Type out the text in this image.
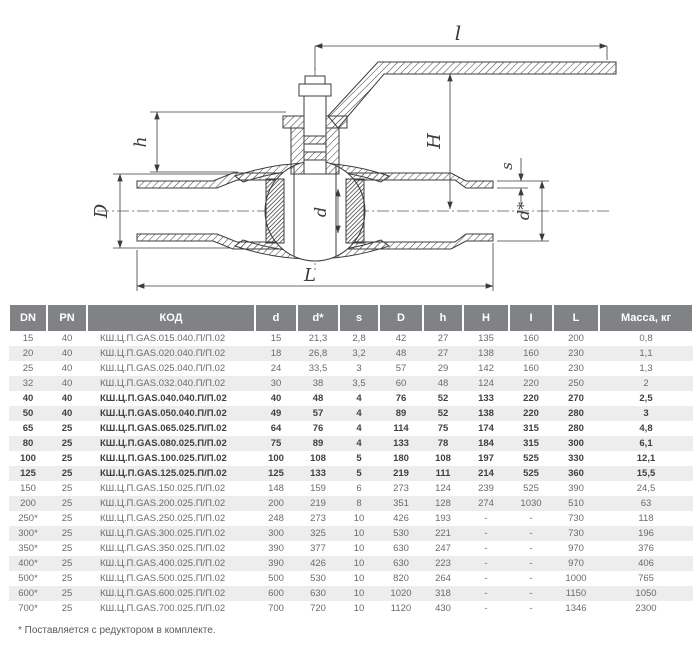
l
H
h
D	d	d*
s
L
DN	PN	КОД	d	d*	s	D	h	H	I	L	Масса, кг
15	40	КШ.Ц.П.GAS.015.040.П/П.02	15	21,3	2,8	42	27	135	160	200	0,8
20	40	КШ.Ц.П.GAS.020.040.П/П.02	18	26,8	3,2	48	27	138	160	230	1,1
25	40	КШ.Ц.П.GAS.025.040.П/П.02	24	33,5	3	57	29	142	160	230	1,3
32	40	КШ.Ц.П.GAS.032.040.П/П.02	30	38	3,5	60	48	124	220	250	2
40	40	КШ.Ц.П.GAS.040.040.П/П.02	40	48	4	76	52	133	220	270	2,5
50	40	КШ.Ц.П.GAS.050.040.П/П.02	49	57	4	89	52	138	220	280	3
65	25	КШ.Ц.П.GAS.065.025.П/П.02	64	76	4	114	75	174	315	280	4,8
80	25	КШ.Ц.П.GAS.080.025.П/П.02	75	89	4	133	78	184	315	300	6,1
100	25	КШ.Ц.П.GAS.100.025.П/П.02	100	108	5	180	108	197	525	330	12,1
125	25	КШ.Ц.П.GAS.125.025.П/П.02	125	133	5	219	111	214	525	360	15,5
150	25	КШ.Ц.П.GAS.150.025.П/П.02	148	159	6	273	124	239	525	390	24,5
200	25	КШ.Ц.П.GAS.200.025.П/П.02	200	219	8	351	128	274	1030	510	63
250*	25	КШ.Ц.П.GAS.250.025.П/П.02	248	273	10	426	193	-	-	730	118
300*	25	КШ.Ц.П.GAS.300.025.П/П.02	300	325	10	530	221	-	-	730	196
350*	25	КШ.Ц.П.GAS.350.025.П/П.02	390	377	10	630	247	-	-	970	376
400*	25	КШ.Ц.П.GAS.400.025.П/П.02	390	426	10	630	223	-	-	970	406
500*	25	КШ.Ц.П.GAS.500.025.П/П.02	500	530	10	820	264	-	-	1000	765
600*	25	КШ.Ц.П.GAS.600.025.П/П.02	600	630	10	1020	318	-	-	1150	1050
700*	25	КШ.Ц.П.GAS.700.025.П/П.02	700	720	10	1120	430	-	-	1346	2300
* Поставляется с редуктором в комплекте.
